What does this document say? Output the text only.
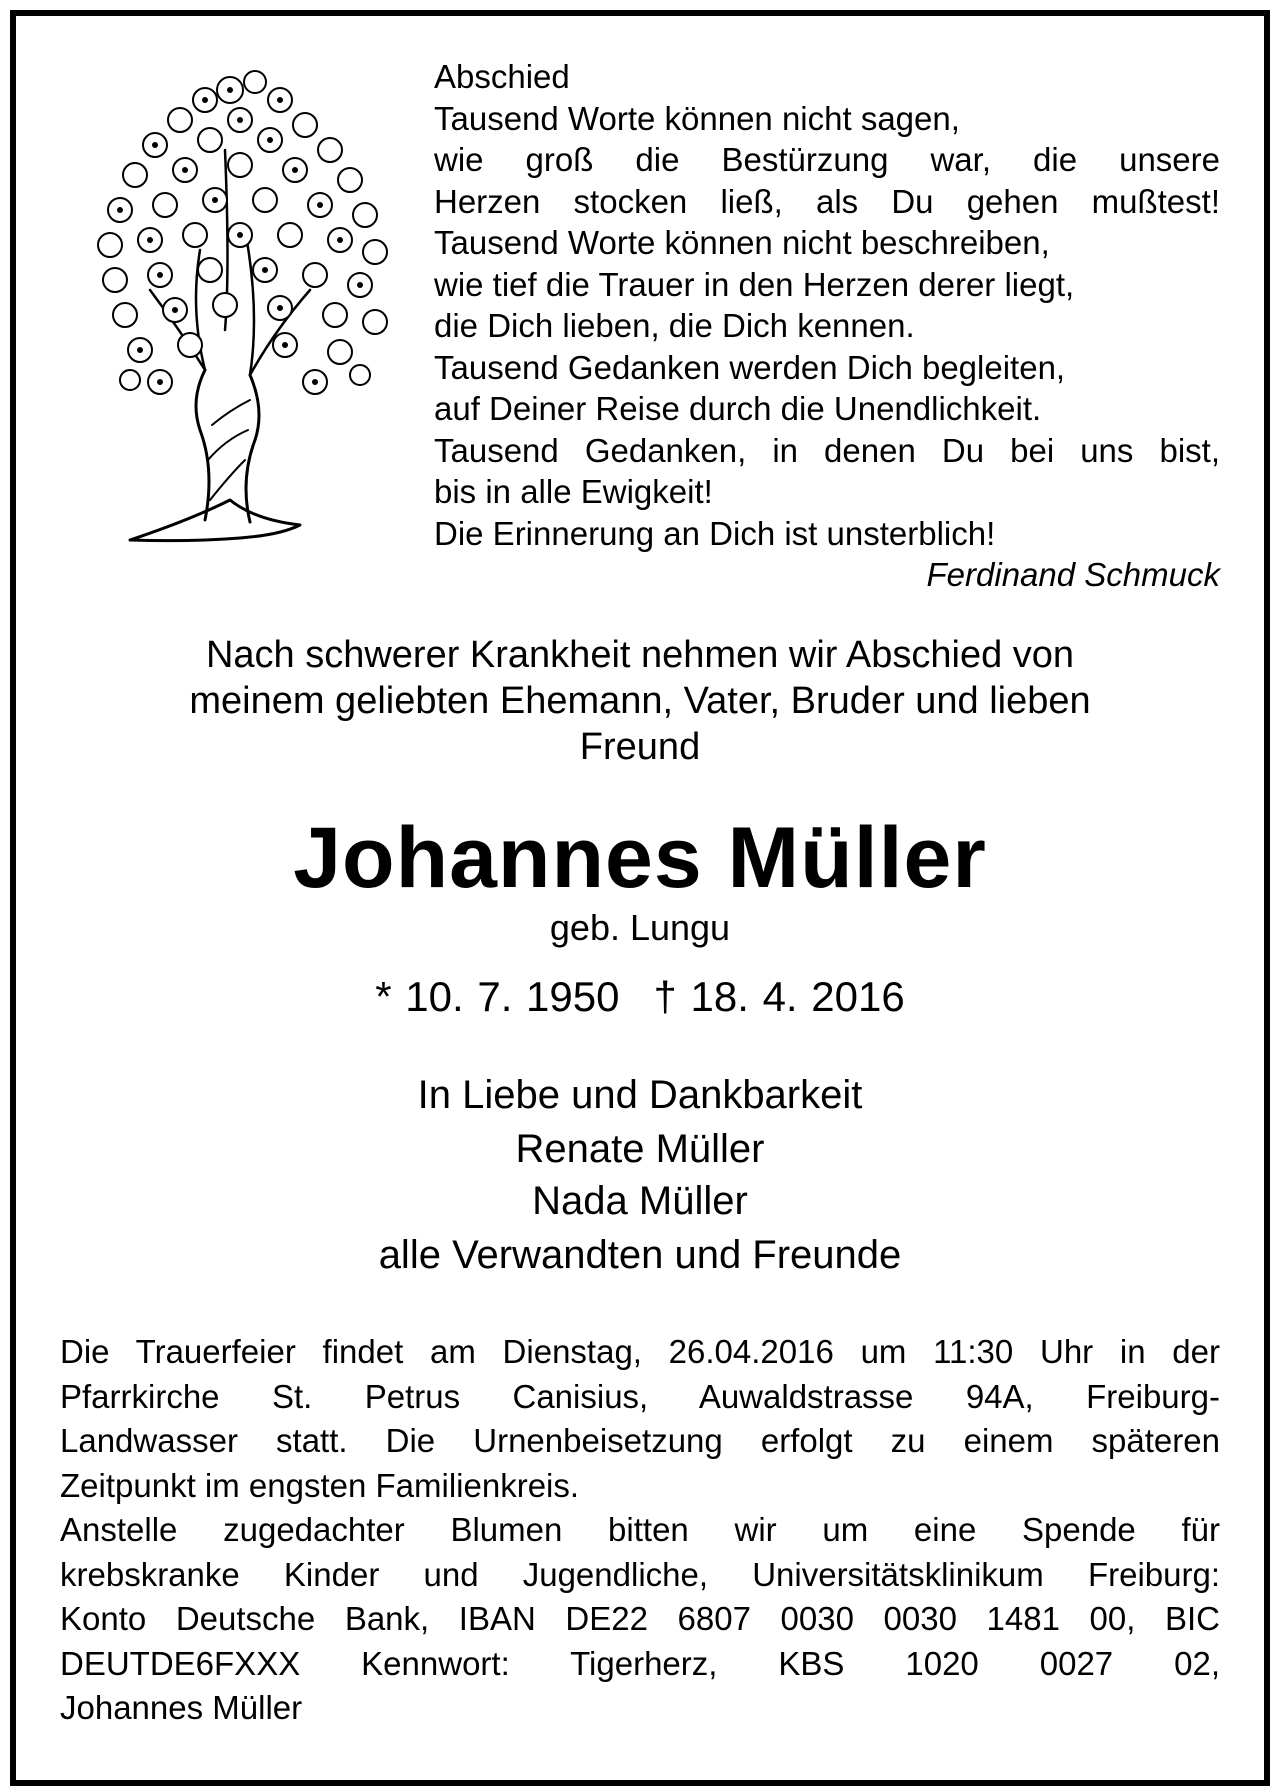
Abschied
Tausend Worte können nicht sagen,
wie groß die Bestürzung war, die unsere
Herzen stocken ließ, als Du gehen mußtest!
Tausend Worte können nicht beschreiben,
wie tief die Trauer in den Herzen derer liegt,
die Dich lieben, die Dich kennen.
Tausend Gedanken werden Dich begleiten,
auf Deiner Reise durch die Unendlichkeit.
Tausend Gedanken, in denen Du bei uns bist,
bis in alle Ewigkeit!
Die Erinnerung an Dich ist unsterblich!
Ferdinand Schmuck
Nach schwerer Krankheit nehmen wir Abschied von
meinem geliebten Ehemann, Vater, Bruder und lieben
Freund
Johannes Müller
geb. Lungu
* 10. 7. 1950 † 18. 4. 2016
In Liebe und Dankbarkeit
Renate Müller
Nada Müller
alle Verwandten und Freunde
Die Trauerfeier findet am Dienstag, 26.04.2016 um 11:30 Uhr in der
Pfarrkirche St. Petrus Canisius, Auwaldstrasse 94A, Freiburg-
Landwasser statt. Die Urnenbeisetzung erfolgt zu einem späteren
Zeitpunkt im engsten Familienkreis.
Anstelle zugedachter Blumen bitten wir um eine Spende für
krebskranke Kinder und Jugendliche, Universitätsklinikum Freiburg:
Konto Deutsche Bank, IBAN DE22 6807 0030 0030 1481 00, BIC
DEUTDE6FXXX Kennwort: Tigerherz, KBS 1020 0027 02,
Johannes Müller
